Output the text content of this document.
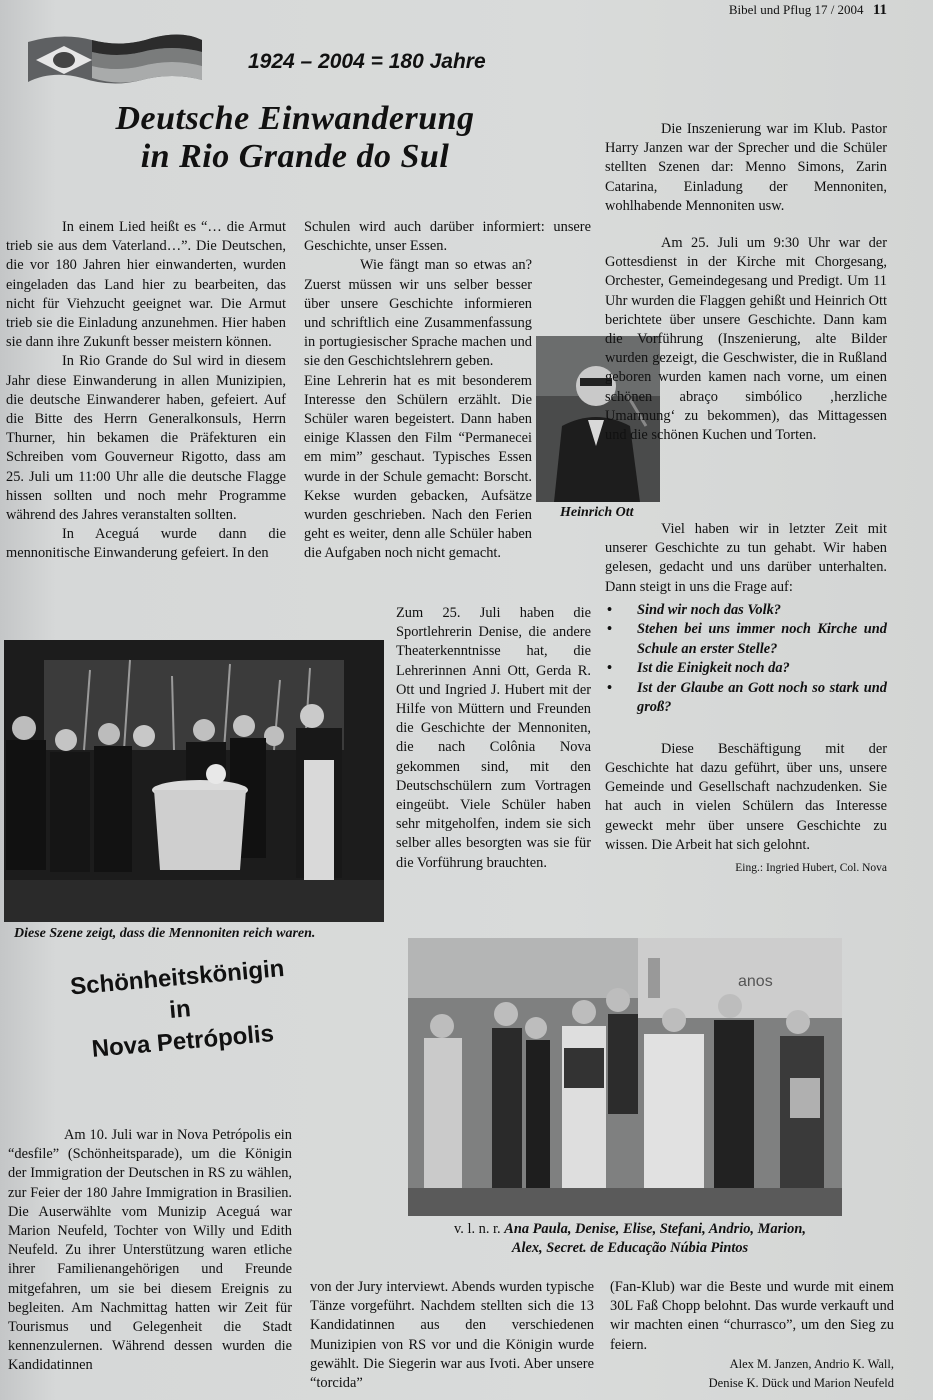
Bibel und Pflug 17 / 2004 11
1924 – 2004 = 180 Jahre
Deutsche Einwanderung
in Rio Grande do Sul

In einem Lied heißt es “… die Armut trieb sie aus dem Vaterland…”. Die Deutschen, die vor 180 Jahren hier einwanderten, wurden eingeladen das Land hier zu bearbeiten, das nicht für Viehzucht geeignet war. Die Armut trieb sie die Einladung anzunehmen. Hier haben sie dann ihre Zukunft besser meistern können.

In Rio Grande do Sul wird in diesem Jahr diese Einwanderung in allen Munizipien, die deutsche Einwanderer haben, gefeiert. Auf die Bitte des Herrn Generalkonsuls, Herrn Thurner, hin bekamen die Präfekturen ein Schreiben vom Gouverneur Rigotto, dass am 25. Juli um 11:00 Uhr alle die deutsche Flagge hissen sollten und noch mehr Programme während des Jahres veranstalten sollten.

In Aceguá wurde dann die mennonitische Einwanderung gefeiert. In den

Schulen wird auch darüber informiert: unsere Geschichte, unser Essen.

Wie fängt man so etwas an? Zuerst müssen wir uns selber besser über unsere Geschichte informieren und schriftlich eine Zusammenfassung in portugiesischer Sprache machen und sie den Geschichtslehrern geben.

Eine Lehrerin hat es mit besonderem Interesse den Schülern erzählt. Die Schüler waren begeistert. Dann haben einige Klassen den Film “Permanecei em mim” geschaut. Typisches Essen wurde in der Schule gemacht: Borscht. Kekse wurden gebacken, Aufsätze wurden geschrieben. Nach den Ferien geht es weiter, denn alle Schüler haben die Aufgaben noch nicht gemacht.

Zum 25. Juli haben die Sportlehrerin Denise, die andere Theaterkenntnisse hat, die Lehrerinnen Anni Ott, Gerda R. Ott und Ingried J. Hubert mit der Hilfe von Müttern und Freunden die Geschichte der Mennoniten, die nach Colônia Nova gekommen sind, mit den Deutschschülern zum Vortragen eingeübt. Viele Schüler haben sehr mitgeholfen, indem sie sich selber alles besorgten was sie für die Vorführung brauchten.

Heinrich Ott

Die Inszenierung war im Klub. Pastor Harry Janzen war der Sprecher und die Schüler stellten Szenen dar: Menno Simons, Zarin Catarina, Einladung der Mennoniten, wohlhabende Mennoniten usw.

Am 25. Juli um 9:30 Uhr war der Gottesdienst in der Kirche mit Chorgesang, Orchester, Gemeindegesang und Predigt. Um 11 Uhr wurden die Flaggen gehißt und Heinrich Ott berichtete über unsere Geschichte. Dann kam die Vorführung (Inszenierung, alte Bilder wurden gezeigt, die Geschwister, die in Rußland geboren wurden kamen nach vorne, um einen schönen abraço simbólico ‚herzliche Umarmung‘ zu bekommen), das Mittagessen und die schönen Kuchen und Torten.

Viel haben wir in letzter Zeit mit unserer Geschichte zu tun gehabt. Wir haben gelesen, gedacht und uns darüber unterhalten. Dann steigt in uns die Frage auf:

• Sind wir noch das Volk?
• Stehen bei uns immer noch Kirche und Schule an erster Stelle?
• Ist die Einigkeit noch da?
• Ist der Glaube an Gott noch so stark und groß?

Diese Beschäftigung mit der Geschichte hat dazu geführt, über uns, unsere Gemeinde und Gesellschaft nachzudenken. Sie hat auch in vielen Schülern das Interesse geweckt mehr über unsere Geschichte zu wissen. Die Arbeit hat sich gelohnt.

Eing.: Ingried Hubert, Col. Nova

Diese Szene zeigt, dass die Mennoniten reich waren.
Schönheitskönigin
in
Nova Petrópolis
anos
v. l. n. r. Ana Paula, Denise, Elise, Stefani, Andrio, Marion,
Alex, Secret. de Educação Núbia Pintos

Am 10. Juli war in Nova Petrópolis ein “desfile” (Schönheitsparade), um die Königin der Immigration der Deutschen in RS zu wählen, zur Feier der 180 Jahre Immigration in Brasilien. Die Auserwählte vom Munizip Aceguá war Marion Neufeld, Tochter von Willy und Edith Neufeld. Zu ihrer Unterstützung waren etliche ihrer Familienangehörigen und Freunde mitgefahren, um sie bei diesem Ereignis zu begleiten. Am Nachmittag hatten wir Zeit für Tourismus und Gelegenheit die Stadt kennenzulernen. Während dessen wurden die Kandidatinnen

von der Jury interviewt. Abends wurden typische Tänze vorgeführt. Nachdem stellten sich die 13 Kandidatinnen aus den verschiedenen Munizipien von RS vor und die Königin wurde gewählt. Die Siegerin war aus Ivoti. Aber unsere “torcida”

(Fan-Klub) war die Beste und wurde mit einem 30L Faß Chopp belohnt. Das wurde verkauft und wir machten einen “churrasco”, um den Sieg zu feiern.

Alex M. Janzen, Andrio K. Wall,

Denise K. Dück und Marion Neufeld
